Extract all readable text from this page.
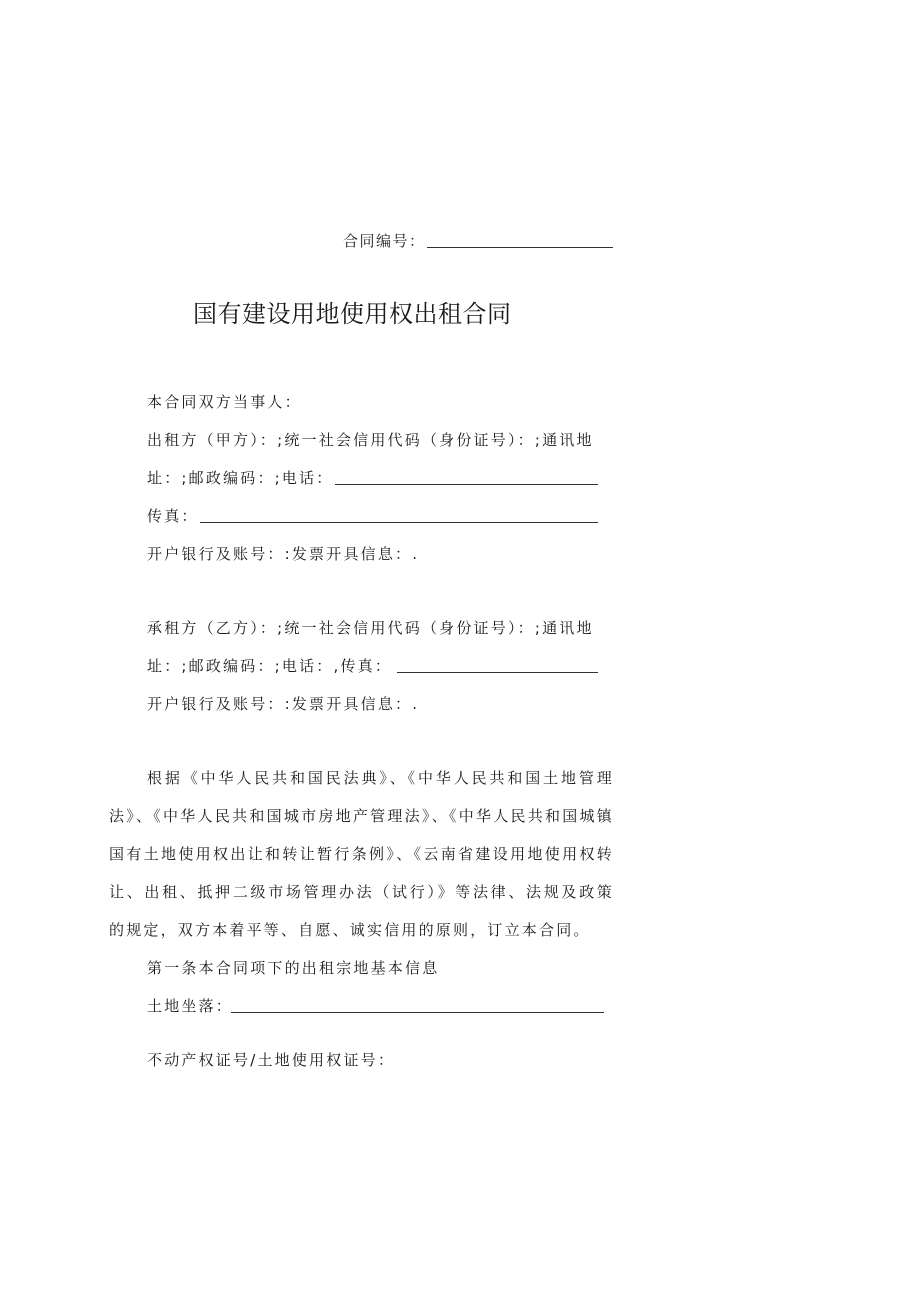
合同编号：
国有建设用地使用权出租合同
本合同双方当事人：
出租方（甲方）：;统一社会信用代码（身份证号）：;通讯地
址：;邮政编码：;电话：
传真：
开户银行及账号：:发票开具信息：.
承租方（乙方）：;统一社会信用代码（身份证号）：;通讯地
址：;邮政编码：;电话：,传真：
开户银行及账号：:发票开具信息：.
根据《中华人民共和国民法典》、《中华人民共和国土地管理法》、《中华人民共和国城市房地产管理法》、《中华人民共和国城镇国有土地使用权出让和转让暂行条例》、《云南省建设用地使用权转让、出租、抵押二级市场管理办法（试行）》等法律、法规及政策的规定，双方本着平等、自愿、诚实信用的原则，订立本合同。
第一条本合同项下的出租宗地基本信息
土地坐落：
不动产权证号/土地使用权证号：
